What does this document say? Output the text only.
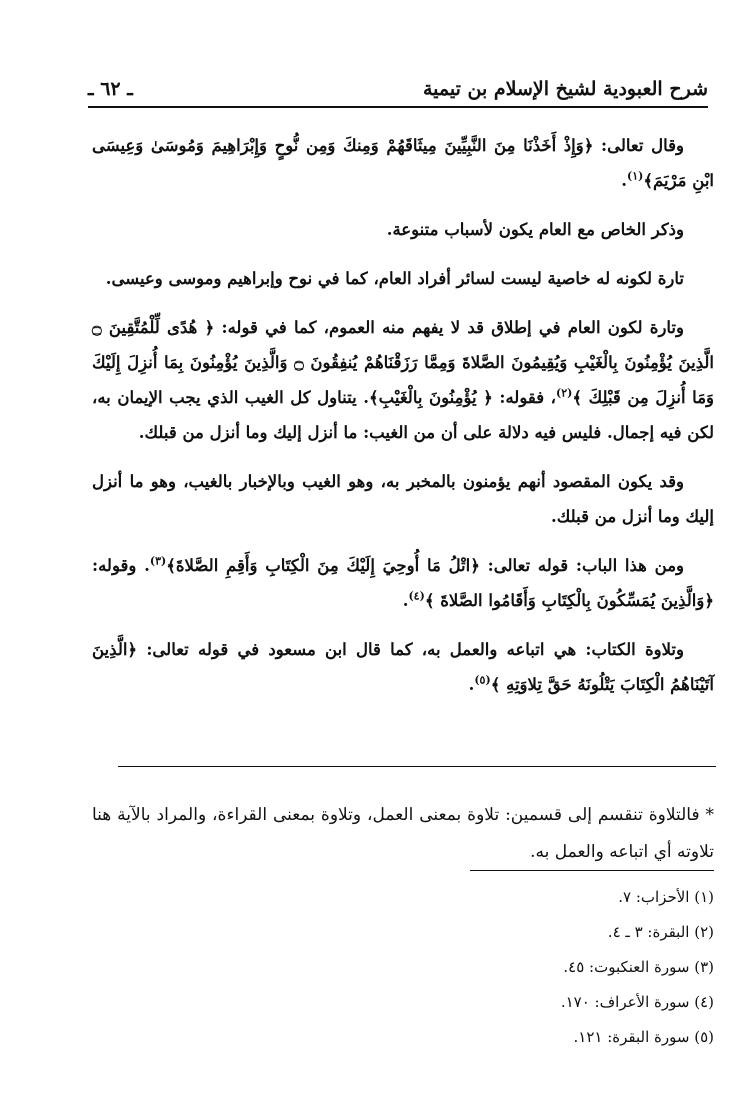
شرح العبودية لشيخ الإسلام بن تيمية
ـ ٦٢ ـ

وقال تعالى: ﴿وَإِذْ أَخَذْنَا مِنَ النَّبِيِّينَ مِيثَاقَهُمْ وَمِنكَ وَمِن نُّوحٍ وَإِبْرَاهِيمَ وَمُوسَىٰ وَعِيسَى ابْنِ مَرْيَمَ﴾$^{(١)}$.

وذكر الخاص مع العام يكون لأسباب متنوعة.

تارة لكونه له خاصية ليست لسائر أفراد العام، كما في نوح وإبراهيم وموسى وعيسى.

وتارة لكون العام في إطلاق قد لا يفهم منه العموم، كما في قوله: ﴿ هُدًى لِّلْمُتَّقِينَ ۝ الَّذِينَ يُؤْمِنُونَ بِالْغَيْبِ وَيُقِيمُونَ الصَّلاةَ وَمِمَّا رَزَقْنَاهُمْ يُنفِقُونَ ۝ وَالَّذِينَ يُؤْمِنُونَ بِمَا أُنزِلَ إِلَيْكَ وَمَا أُنزِلَ مِن قَبْلِكَ ﴾$^{(٢)}$، فقوله: ﴿ يُؤْمِنُونَ بِالْغَيْبِ﴾. يتناول كل الغيب الذي يجب الإيمان به، لكن فيه إجمال. فليس فيه دلالة على أن من الغيب: ما أنزل إليك وما أنزل من قبلك.

وقد يكون المقصود أنهم يؤمنون بالمخبر به، وهو الغيب وبالإخبار بالغيب، وهو ما أنزل إليك وما أنزل من قبلك.

ومن هذا الباب: قوله تعالى: ﴿اتْلُ مَا أُوحِيَ إِلَيْكَ مِنَ الْكِتَابِ وَأَقِمِ الصَّلاةَ﴾$^{(٣)}$. وقوله: ﴿وَالَّذِينَ يُمَسِّكُونَ بِالْكِتَابِ وَأَقَامُوا الصَّلاةَ ﴾$^{(٤)}$.

وتلاوة الكتاب: هي اتباعه والعمل به، كما قال ابن مسعود في قوله تعالى: ﴿الَّذِينَ آتَيْنَاهُمُ الْكِتَابَ يَتْلُونَهُ حَقَّ تِلاوَتِهِ ﴾$^{(٥)}$.

* فالتلاوة تنقسم إلى قسمين: تلاوة بمعنى العمل، وتلاوة بمعنى القراءة، والمراد بالآية هنا تلاوته أي اتباعه والعمل به.

(١) الأحزاب: ٧.
(٢) البقرة: ٣ ـ ٤.
(٣) سورة العنكبوت: ٤٥.
(٤) سورة الأعراف: ١٧٠.
(٥) سورة البقرة: ١٢١.
